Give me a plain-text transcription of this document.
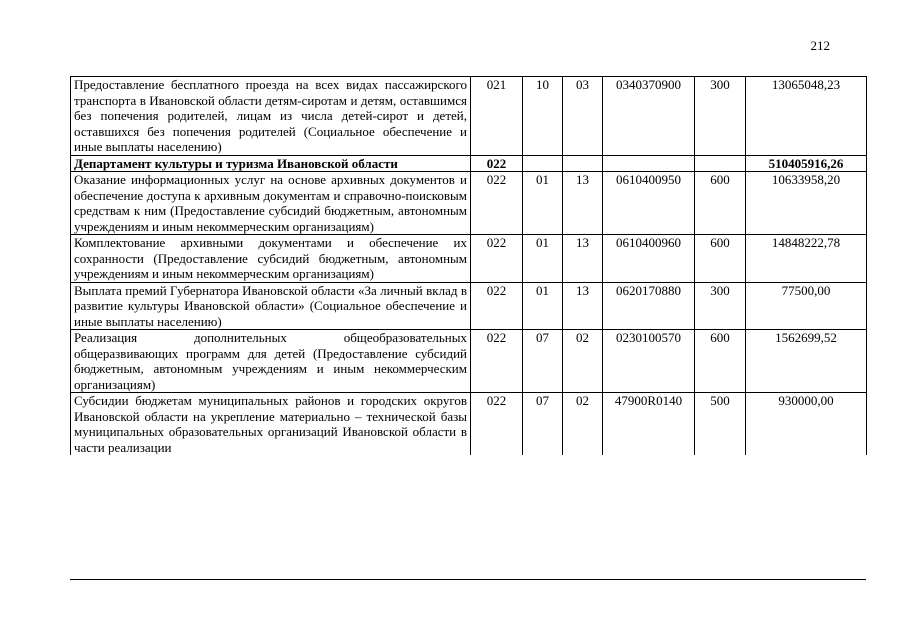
212
Предоставление бесплатного проезда на всех видах пассажирского транспорта в Ивановской области детям-сиротам и детям, оставшимся без попечения родителей, лицам из числа детей-сирот и детей, оставшихся без попечения родителей (Социальное обеспечение и иные выплаты населению)	021	10	03	0340370900	300	13065048,23
Департамент культуры и туризма Ивановской области	022					510405916,26
Оказание информационных услуг на основе архивных документов и обеспечение доступа к архивным документам и справочно-поисковым средствам к ним (Предоставление субсидий бюджетным, автономным учреждениям и иным некоммерческим организациям)	022	01	13	0610400950	600	10633958,20
Комплектование архивными документами и обеспечение их сохранности (Предоставление субсидий бюджетным, автономным учреждениям и иным некоммерческим организациям)	022	01	13	0610400960	600	14848222,78
Выплата премий Губернатора Ивановской области «За личный вклад в развитие культуры Ивановской области» (Социальное обеспечение и иные выплаты населению)	022	01	13	0620170880	300	77500,00
Реализация дополнительных общеобразовательных общеразвивающих программ для детей (Предоставление субсидий бюджетным, автономным учреждениям и иным некоммерческим организациям)	022	07	02	0230100570	600	1562699,52
Субсидии бюджетам муниципальных районов и городских округов Ивановской области на укрепление материально – технической базы муниципальных образовательных организаций Ивановской области в части реализации	022	07	02	47900R0140	500	930000,00
